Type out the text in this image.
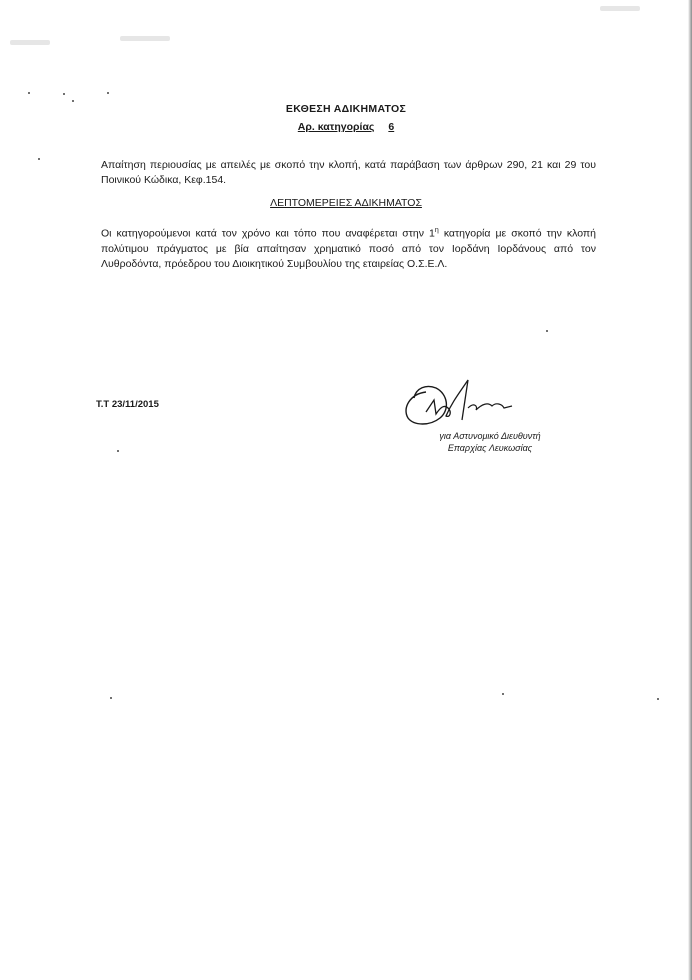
ΕΚΘΕΣΗ ΑΔΙΚΗΜΑΤΟΣ
Αρ. κατηγορίας 6
Απαίτηση περιουσίας με απειλές με σκοπό την κλοπή, κατά παράβαση των άρθρων 290, 21 και 29 του Ποινικού Κώδικα, Κεφ.154.
ΛΕΠΤΟΜΕΡΕΙΕΣ ΑΔΙΚΗΜΑΤΟΣ
Οι κατηγορούμενοι κατά τον χρόνο και τόπο που αναφέρεται στην $1^\eta$ κατηγορία με σκοπό την κλοπή πολύτιμου πράγματος με βία απαίτησαν χρηματικό ποσό από τον Ιορδάνη Ιορδάνους από τον Λυθροδόντα, πρόεδρου του Διοικητικού Συμβουλίου της εταιρείας Ο.Σ.Ε.Λ.
Τ.Τ 23/11/2015
για Αστυνομικό Διευθυντή
Επαρχίας Λευκωσίας
